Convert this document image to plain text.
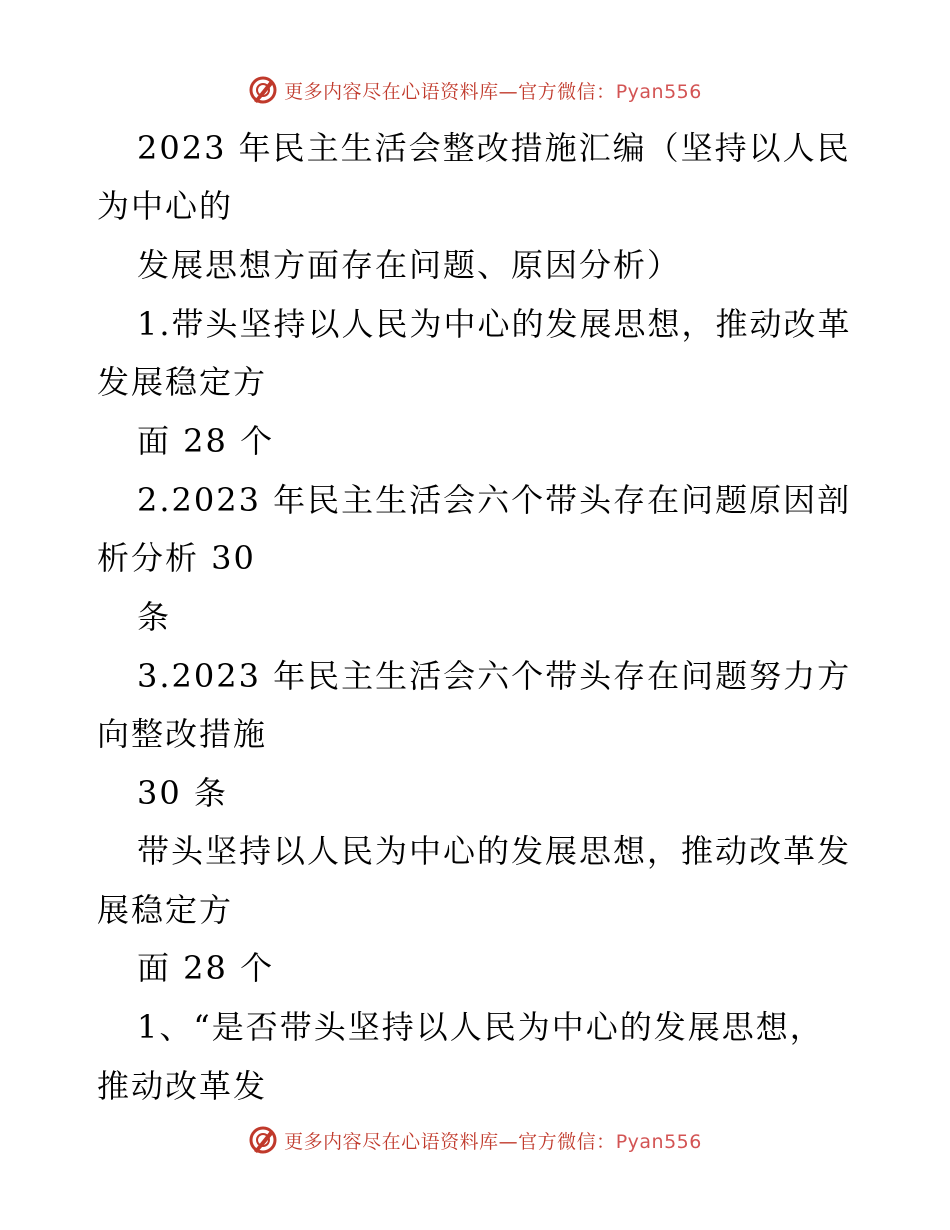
更多内容尽在心语资料库—官方微信：Pyan556
2023 年民主生活会整改措施汇编（坚持以人民
为中心的
发展思想方面存在问题、原因分析）
1.带头坚持以人民为中心的发展思想，推动改革
发展稳定方
面 28 个
2.2023 年民主生活会六个带头存在问题原因剖
析分析 30
条
3.2023 年民主生活会六个带头存在问题努力方
向整改措施
30 条
带头坚持以人民为中心的发展思想，推动改革发
展稳定方
面 28 个
1、“是否带头坚持以人民为中心的发展思想，
推动改革发
更多内容尽在心语资料库—官方微信：Pyan556
